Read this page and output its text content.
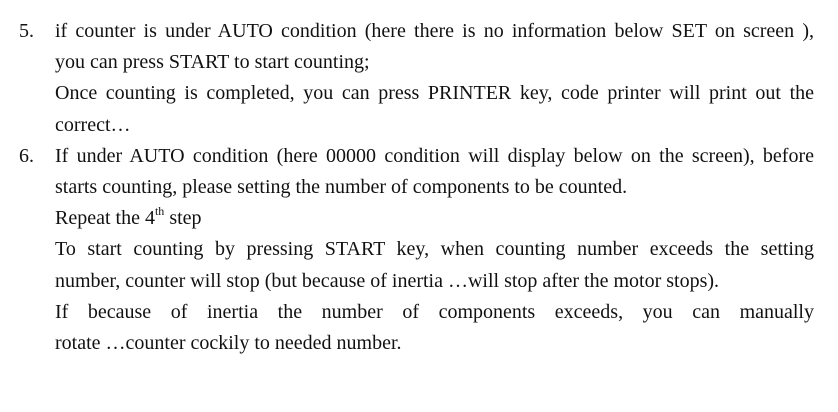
5. if counter is under AUTO condition (here there is no information below SET on screen ),
you can press START to start counting;
Once counting is completed, you can press PRINTER key, code printer will print out the
correct…
6. If under AUTO condition (here 00000 condition will display below on the screen), before
starts counting, please setting the number of components to be counted.
Repeat the 4th step
To start counting by pressing START key, when counting number exceeds the setting
number, counter will stop (but because of inertia …will stop after the motor stops).
If because of inertia the number of components exceeds, you can manually
rotate …counter cockily to needed number.
